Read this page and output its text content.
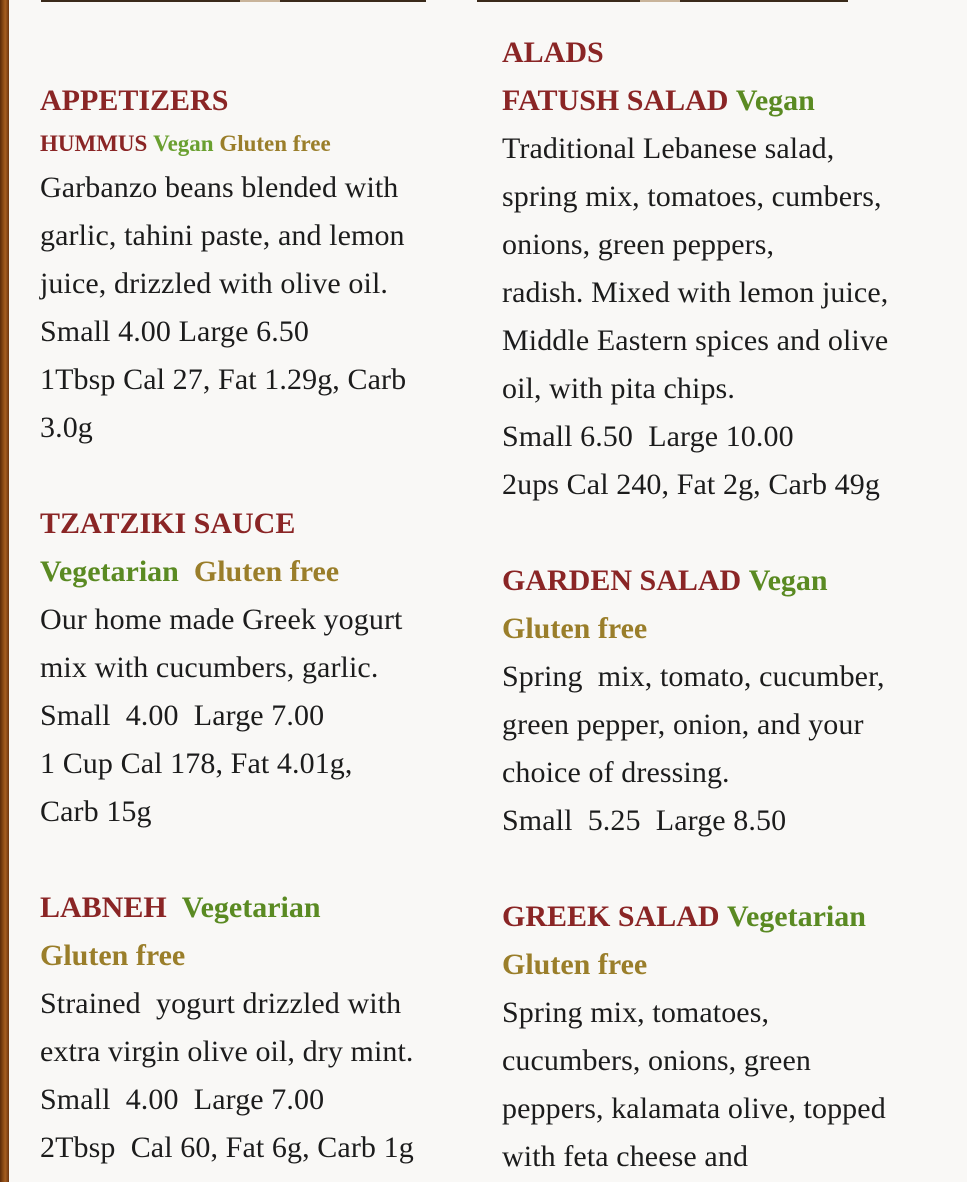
APPETIZERS
HUMMUS Vegan Gluten free
Garbanzo beans blended with
garlic, tahini paste, and lemon
juice, drizzled with olive oil.
Small 4.00 Large 6.50
1Tbsp Cal 27, Fat 1.29g, Carb
3.0g
TZATZIKI SAUCE
Vegetarian Gluten free
Our home made Greek yogurt
mix with cucumbers, garlic.
Small  4.00  Large 7.00
1 Cup Cal 178, Fat 4.01g,
Carb 15g
LABNEH Vegetarian
Gluten free
Strained  yogurt drizzled with
extra virgin olive oil, dry mint.
Small  4.00  Large 7.00
2Tbsp  Cal 60, Fat 6g, Carb 1g
ALADS
FATUSH SALAD Vegan
Traditional Lebanese salad,
spring mix, tomatoes, cumbers,
onions, green peppers,
radish. Mixed with lemon juice,
Middle Eastern spices and olive
oil, with pita chips.
Small 6.50  Large 10.00
2ups Cal 240, Fat 2g, Carb 49g
GARDEN SALAD Vegan
Gluten free
Spring  mix, tomato, cucumber,
green pepper, onion, and your
choice of dressing.
Small  5.25  Large 8.50
GREEK SALAD Vegetarian
Gluten free
Spring mix, tomatoes,
cucumbers, onions, green
peppers, kalamata olive, topped
with feta cheese and
